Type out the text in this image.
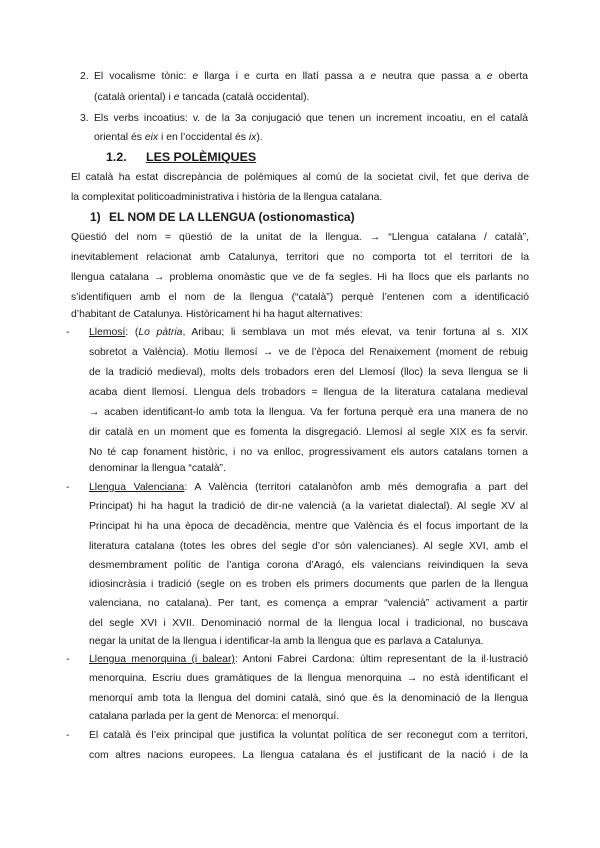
2. El vocalisme tònic: e llarga i e curta en llatí passa a e neutra que passa a e oberta
(català oriental) i e tancada (català occidental).
3. Els verbs incoatius: v. de la 3a conjugació que tenen un increment incoatiu, en el català
oriental és eix i en l’occidental és ix).
1.2. LES POLÈMIQUES
El català ha estat discrepància de polèmiques al comú de la societat civil, fet que deriva de
la complexitat politicoadministrativa i història de la llengua catalana.
1) EL NOM DE LA LLENGUA (ostionomastica)
Qüestió del nom = qüestió de la unitat de la llengua. → “Llengua catalana / català”,
inevitablement relacionat amb Catalunya, territori que no comporta tot el territori de la
llengua catalana → problema onomàstic que ve de fa segles. Hi ha llocs que els parlants no
s’identifiquen amb el nom de la llengua (“català”) perquè l’entenen com a identificació
d’habitant de Catalunya. Històricament hi ha hagut alternatives:
- Llemosí: (Lo pàtria, Aribau; li semblava un mot més elevat, va tenir fortuna al s. XIX
sobretot a València). Motiu llemosí → ve de l’època del Renaixement (moment de rebuig
de la tradició medieval), molts dels trobadors eren del Llemosí (lloc) la seva llengua se li
acaba dient llemosí. Llengua dels trobadors = llengua de la literatura catalana medieval
→ acaben identificant-lo amb tota la llengua. Va fer fortuna perquè era una manera de no
dir català en un moment que es fomenta la disgregació. Llemosí al segle XIX es fa servir.
No té cap fonament històric, i no va enlloc, progressivament els autors catalans tornen a
denominar la llengua “català”.
- Llengua Valenciana: A València (territori catalanòfon amb més demografia a part del
Principat) hi ha hagut la tradició de dir-ne valencià (a la varietat dialectal). Al segle XV al
Principat hi ha una època de decadència, mentre que València és el focus important de la
literatura catalana (totes les obres del segle d’or són valencianes). Al segle XVI, amb el
desmembrament polític de l’antiga corona d’Aragó, els valencians reivindiquen la seva
idiosincràsia i tradició (segle on es troben els primers documents que parlen de la llengua
valenciana, no catalana). Per tant, es comença a emprar “valencià” activament a partir
del segle XVI i XVII. Denominació normal de la llengua local i tradicional, no buscava
negar la unitat de la llengua i identificar-la amb la llengua que es parlava a Catalunya.
- Llengua menorquina (i balear): Antoni Fabrei Cardona: últim representant de la il·lustració
menorquina. Escriu dues gramàtiques de la llengua menorquina → no està identificant el
menorquí amb tota la llengua del domini català, sinó que és la denominació de la llengua
catalana parlada per la gent de Menorca: el menorquí.
- El català és l’eix principal que justifica la voluntat política de ser reconegut com a territori,
com altres nacions europees. La llengua catalana és el justificant de la nació i de la
